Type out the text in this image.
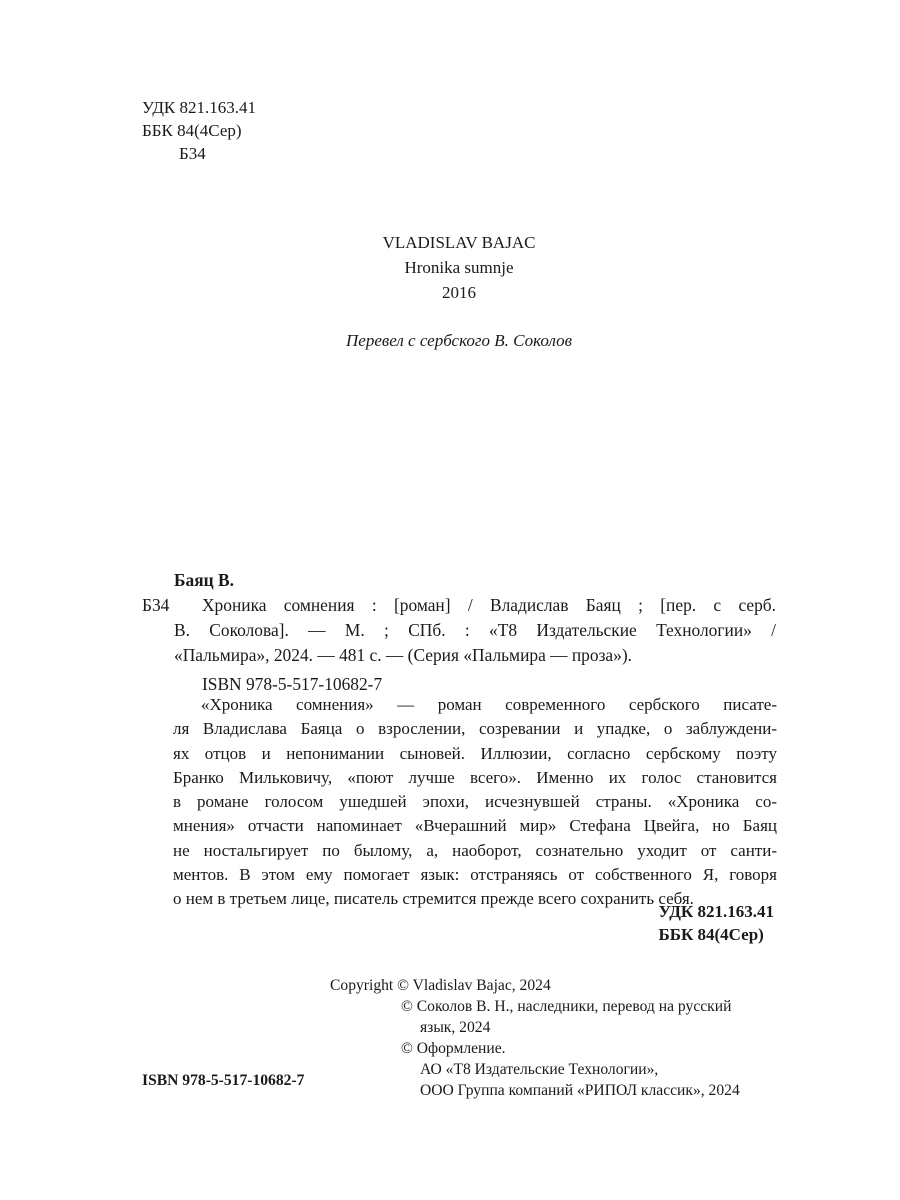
УДК 821.163.41
ББК 84(4Сер)
Б34
VLADISLAV BAJAC
Hronika sumnje
2016
Перевел с сербского В. Соколов
Баяц В.
Б34	Хроника сомнения : [роман] / Владислав Баяц ; [пер. с серб.
В. Соколова]. — М. ; СПб. : «Т8 Издательские Технологии» /
«Пальмира», 2024. — 481 с. — (Серия «Пальмира — проза»).
ISBN 978-5-517-10682-7
«Хроника сомнения» — роман современного сербского писате-
ля Владислава Баяца о взрослении, созревании и упадке, о заблуждени-
ях отцов и непонимании сыновей. Иллюзии, согласно сербскому поэту
Бранко Мильковичу, «поют лучше всего». Именно их голос становится
в романе голосом ушедшей эпохи, исчезнувшей страны. «Хроника со-
мнения» отчасти напоминает «Вчерашний мир» Стефана Цвейга, но Баяц
не ностальгирует по былому, а, наоборот, сознательно уходит от санти-
ментов. В этом ему помогает язык: отстраняясь от собственного Я, говоря
о нем в третьем лице, писатель стремится прежде всего сохранить себя.
УДК 821.163.41
ББК 84(4Сер)
Copyright © Vladislav Bajac, 2024
© Соколов В. Н., наследники, перевод на русский
язык, 2024
© Оформление.
АО «Т8 Издательские Технологии»,
ООО Группа компаний «РИПОЛ классик», 2024
ISBN 978-5-517-10682-7
